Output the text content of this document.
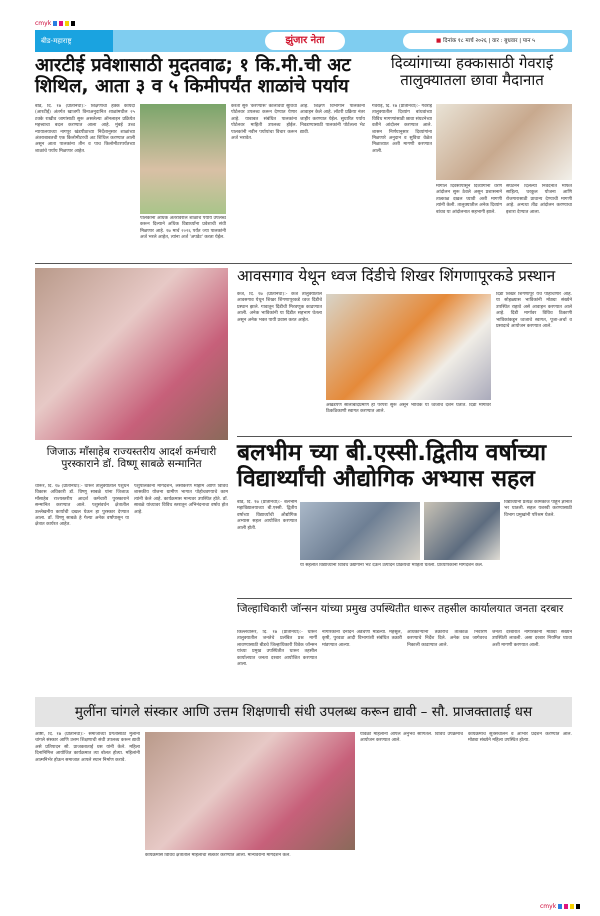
cmyk
बीड-महाराष्ट्र	झुंजार नेता	■ दिनांक १८ मार्च २०२६ | वार : बुधवार | पान ५
आरटीई प्रवेशासाठी मुदतवाढ; १ कि.मी.ची अट शिथिल, आता ३ व ५ किमीपर्यंत शाळांचे पर्याय
बीड, दि. १७ (प्रतिनिधी):- शिक्षणाचा हक्क कायदा (आरटीई) अंतर्गत खाजगी विनाअनुदानित शाळांमधील २५ टक्के राखीव जागांसाठी सुरू असलेल्या ऑनलाइन प्रक्रियेत महत्त्वाचा बदल करण्यात आला आहे. मुंबई उच्च न्यायालयाच्या नागपूर खंडपीठाच्या निर्देशानुसार शाळांच्या अंतराबाबतची एक किलोमीटरची अट शिथिल करण्यात आली असून आता पालकांना तीन व पाच किलोमीटरपर्यंतच्या शाळांचे पर्याय मिळणार आहेत.
पालकांना अधिक अंतरावरील शाळांचे पर्याय उपलब्ध करून दिल्याने अधिक विद्यार्थ्यांना प्रवेशाची संधी मिळणार आहे. १७ मार्च २०२६ पर्यंत ज्या पालकांनी अर्ज भरले आहेत, त्यांना अर्ज 'अपडेट' करता येईल.
करता सुरु 'करण्यास' कालावधी सुविधा पोर्टलवर उपलब्ध करून देण्यात येणार आहे. याबाबत संबंधित पालकांना पोर्टलवर माहिती उपलब्ध होईल. पालकांनी नवीन पर्यायांचा विचार करून अर्ज भरावेत.
आहे. शिक्षण विभागाने पालकांना आवाहन केले आहे. लॉटरी प्रक्रिया नंतर जाहीर करण्यात येईल. सुधारित पर्याय निवडण्यासाठी पालकांनी पोर्टलला भेट द्यावी.
दिव्यांगाच्या हक्कासाठी गेवराई तालुक्यातला छावा मैदानात
गेवराई, दि. १७ (प्रतिनिधी):- गेवराई तालुक्यातील दिव्यांग बांधवांच्या विविध मागण्यांसाठी छावा संघटनेच्या वतीने आंदोलन करण्यात आले. शासन निर्णयानुसार दिव्यांगांना मिळणारे अनुदान व सुविधा वेळेत मिळाव्यात अशी मागणी करण्यात आली.
मागील दिवसांपासून दिव्यांगांनी धरणे आंदोलन सुरू ठेवले असून प्रशासनाने तात्काळ दखल घ्यावी अशी मागणी त्यांनी केली. तालुक्यातील अनेक दिव्यांग बांधव या आंदोलनात सहभागी झाले.
संघटनेने दिलेल्या निवेदनात मोफत साहित्य, घरकुल योजना आणि रोजगारासाठी प्राधान्य देण्याची मागणी आहे. अन्यथा तीव्र आंदोलन करण्याचा इशारा देण्यात आला.
आवसगाव येथून ध्वज दिंडीचे शिखर शिंगणापूरकडे प्रस्थान
केज, दि. १७ (प्रतिनिधी):- केज तालुक्यातील आवसगाव येथून शिखर शिंगणापूरकडे ध्वज दिंडीचे प्रस्थान झाले. गावातून दिंडीची मिरवणूक काढण्यात आली. अनेक भाविकांनी या दिंडीत सहभाग घेतला असून अनेक भक्त पायी प्रवास करत आहेत.
अखंडपणे सालाबादप्रमाणे ही परंपरा सुरू असून भाविक या ध्वजाचे दर्शन घेतात. दिंडी मार्गावर ठिकठिकाणी स्वागत करण्यात आले.
दिंडी शिखर शिंगणापूर येथे पोहोचणार आहे. या सोहळ्यास भाविकांनी मोठ्या संख्येने उपस्थित राहावे असे आवाहन करण्यात आले आहे. दिंडी मार्गावर विविध ठिकाणी भाविकांकडून ध्वजाचे स्वागत, पूजा-अर्चा व प्रसादाचे आयोजन करण्यात आले.
जिजाऊ माँसाहेब राज्यस्तरीय आदर्श कर्मचारी पुरस्काराने डॉ. विष्णू साबळे सन्मानित
धारूर, दि. १७ (प्रतिनिधी):- धारूर तालुक्यातील पशुधन विकास अधिकारी डॉ. विष्णू साबळे यांना जिजाऊ माँसाहेब राज्यस्तरीय आदर्श कर्मचारी पुरस्काराने सन्मानित करण्यात आले. पशुसंवर्धन क्षेत्रातील उल्लेखनीय कार्याची दखल घेऊन हा पुरस्कार देण्यात आला. डॉ. विष्णू साबळे हे गेल्या अनेक वर्षांपासून या क्षेत्रात कार्यरत आहेत.
पशुपालकांना मार्गदर्शन, लसीकरण मोहीम आणि विविध शासकीय योजना ग्रामीण भागात पोहोचवण्याचे काम त्यांनी केले आहे. कार्यक्रमास मान्यवर उपस्थित होते. डॉ. साबळे यांच्यावर विविध स्तरातून अभिनंदनाचा वर्षाव होत आहे.
बलभीम च्या बी.एस्सी.द्वितीय वर्षाच्या विद्यार्थ्यांची औद्योगिक अभ्यास सहल
बीड, दि. १७ (प्रतिनिधी):- बलभीम महाविद्यालयाच्या बी.एस्सी. द्वितीय वर्षाच्या विद्यार्थ्यांची औद्योगिक अभ्यास सहल आयोजित करण्यात आली होती.
या सहलीत विद्यार्थ्यांनी विविध उद्योगांना भेट देऊन उत्पादन प्रक्रियेची माहिती घेतली. प्राध्यापकांनी मार्गदर्शन केले.
विद्यार्थ्यांनी प्रत्यक्ष कामकाज पाहून ज्ञानात भर घातली. सहल यशस्वी करण्यासाठी विभाग प्रमुखांनी परिश्रम घेतले.
जिल्हाधिकारी जॉन्सन यांच्या प्रमुख उपस्थितीत धारूर तहसील कार्यालयात जनता दरबार
किल्लेधारूर, दि. १७ (प्रतिनिधी):- धारूर तालुक्यातील जनतेचे प्रलंबित प्रश्न मार्गी लावण्यासाठी बीडचे जिल्हाधिकारी विवेक जॉन्सन यांच्या प्रमुख उपस्थितीत धारूर तहसील कार्यालयात जनता दरबार आयोजित करण्यात आला.
नागरिकांनी दैनंदिन अडचणी मांडल्या. महसूल, कृषी, पुरवठा आदी विभागांशी संबंधित तक्रारी मांडण्यात आल्या.
अधिकाऱ्यांनी तक्रारींचे तात्काळ निवारण करण्याचे निर्देश दिले. अनेक प्रश्न जागेवरच निकाली काढण्यात आले.
जनता दरबारात नागरिकांनी मोठ्या संख्येने उपस्थिती लावली. असा दरबार नियमित घ्यावा अशी मागणी करण्यात आली.
मुलींना चांगले संस्कार आणि उत्तम शिक्षणाची संधी उपलब्ध करून द्यावी – सौ. प्राजक्ताताई धस
आष्टी, दि. १७ (प्रतिनिधी):- समाजाच्या प्रगतीसाठी मुलींना चांगले संस्कार आणि उत्तम शिक्षणाची संधी उपलब्ध करून द्यावी असे प्रतिपादन सौ. प्राजक्ताताई धस यांनी केले. महिला दिनानिमित्त आयोजित कार्यक्रमात त्या बोलत होत्या. महिलांनी आत्मनिर्भर होऊन समाजात आपले स्थान निर्माण करावे.
कार्यक्रमास विविध क्षेत्रातील महिलांचा सत्कार करण्यात आला. मान्यवरांनी मार्गदर्शन केले.
यावेळी महिलांनी आपले अनुभव सांगितले. विविध उपक्रमांचे आयोजन करण्यात आले.
कार्यक्रमाचे सूत्रसंचालन व आभार प्रदर्शन करण्यात आले. मोठ्या संख्येने महिला उपस्थित होत्या.
cmyk
